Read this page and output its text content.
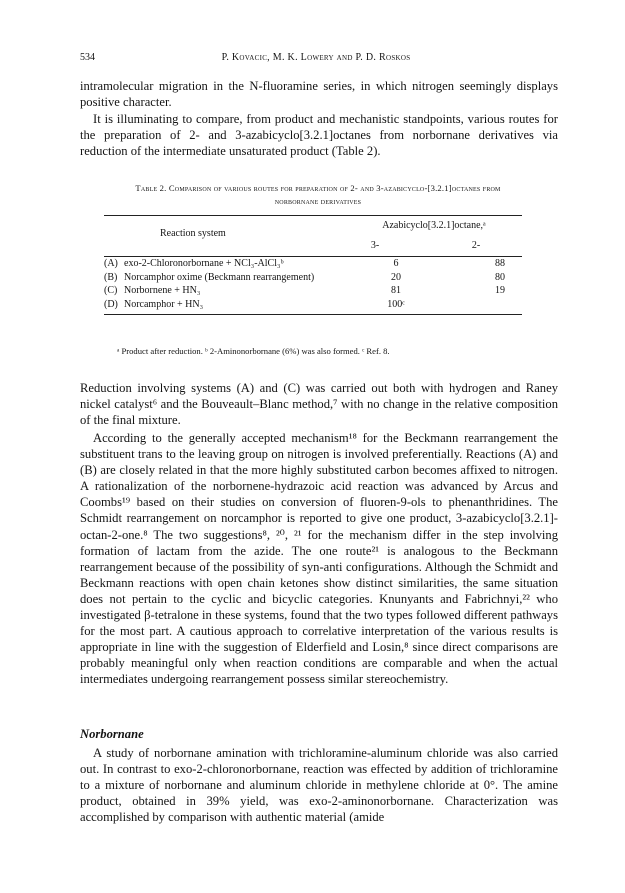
534	P. Kovacic, M. K. Lowery and P. D. Roskos

intramolecular migration in the N-fluoramine series, in which nitrogen seemingly displays positive character.

It is illuminating to compare, from product and mechanistic standpoints, various routes for the preparation of 2- and 3-azabicyclo[3.2.1]octanes from norbornane derivatives via reduction of the intermediate unsaturated product (Table 2).

Table 2. Comparison of various routes for preparation of 2- and 3-azabicyclo-[3.2.1]octanes from norbornane derivatives
Reaction system
Azabicyclo[3.2.1]octane,ᵃ
3-	2-
(A)	exo-2-Chloronorbornane + NCl₃-AlCl₃ᵇ	6		88
(B)	Norcamphor oxime (Beckmann rearrangement)	20		80
(C)	Norbornene + HN₃	81		19
(D)	Norcamphor + HN₃	100ᶜ		
ᵃ Product after reduction. ᵇ 2-Aminonorbornane (6%) was also formed. ᶜ Ref. 8.

Reduction involving systems (A) and (C) was carried out both with hydrogen and Raney nickel catalyst⁶ and the Bouveault–Blanc method,⁷ with no change in the relative composition of the final mixture.

According to the generally accepted mechanism¹⁸ for the Beckmann rearrangement the substituent trans to the leaving group on nitrogen is involved preferentially. Reactions (A) and (B) are closely related in that the more highly substituted carbon becomes affixed to nitrogen. A rationalization of the norbornene-hydrazoic acid reaction was advanced by Arcus and Coombs¹⁹ based on their studies on conversion of fluoren-9-ols to phenanthridines. The Schmidt rearrangement on norcamphor is reported to give one product, 3-azabicyclo[3.2.1]-octan-2-one.⁸ The two suggestions⁸, ²⁰, ²¹ for the mechanism differ in the step involving formation of lactam from the azide. The one route²¹ is analogous to the Beckmann rearrangement because of the possibility of syn-anti configurations. Although the Schmidt and Beckmann reactions with open chain ketones show distinct similarities, the same situation does not pertain to the cyclic and bicyclic categories. Knunyants and Fabrichnyi,²² who investigated β-tetralone in these systems, found that the two types followed different pathways for the most part. A cautious approach to correlative interpretation of the various results is appropriate in line with the suggestion of Elderfield and Losin,⁸ since direct comparisons are probably meaningful only when reaction conditions are comparable and when the actual intermediates undergoing rearrangement possess similar stereochemistry.

Norbornane

A study of norbornane amination with trichloramine-aluminum chloride was also carried out. In contrast to exo-2-chloronorbornane, reaction was effected by addition of trichloramine to a mixture of norbornane and aluminum chloride in methylene chloride at 0°. The amine product, obtained in 39% yield, was exo-2-aminonorbornane. Characterization was accomplished by comparison with authentic material (amide
